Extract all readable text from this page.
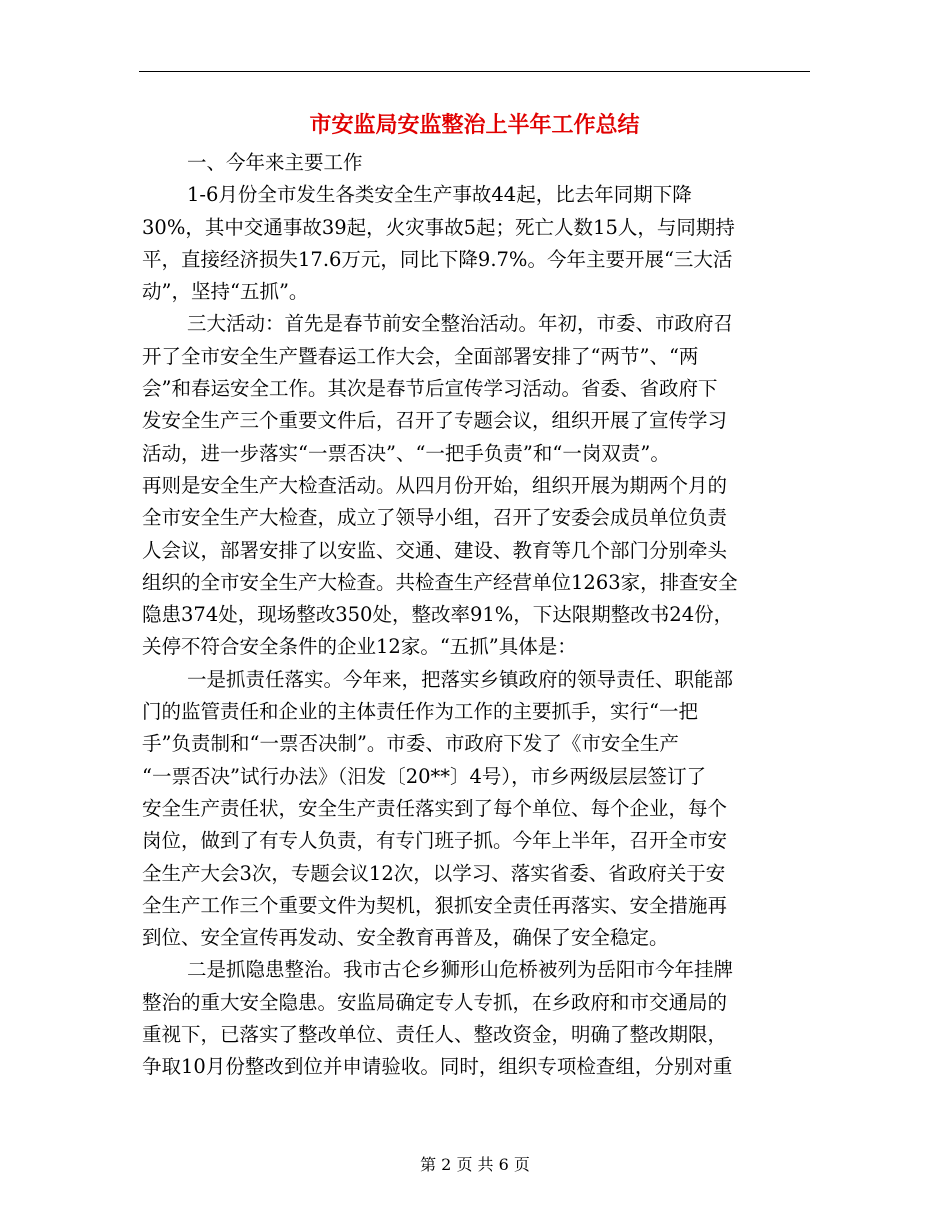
市安监局安监整治上半年工作总结

一、今年来主要工作

1-6月份全市发生各类安全生产事故44起，比去年同期下降
30%，其中交通事故39起，火灾事故5起；死亡人数15人，与同期持
平，直接经济损失17.6万元，同比下降9.7%。今年主要开展“三大活
动”，坚持“五抓”。

三大活动：首先是春节前安全整治活动。年初，市委、市政府召
开了全市安全生产暨春运工作大会，全面部署安排了“两节”、“两
会”和春运安全工作。其次是春节后宣传学习活动。省委、省政府下
发安全生产三个重要文件后，召开了专题会议，组织开展了宣传学习
活动，进一步落实“一票否决”、“一把手负责”和“一岗双责”。
再则是安全生产大检查活动。从四月份开始，组织开展为期两个月的
全市安全生产大检查，成立了领导小组，召开了安委会成员单位负责
人会议，部署安排了以安监、交通、建设、教育等几个部门分别牵头
组织的全市安全生产大检查。共检查生产经营单位1263家，排查安全
隐患374处，现场整改350处，整改率91%，下达限期整改书24份，
关停不符合安全条件的企业12家。“五抓”具体是：

一是抓责任落实。今年来，把落实乡镇政府的领导责任、职能部
门的监管责任和企业的主体责任作为工作的主要抓手，实行“一把
手”负责制和“一票否决制”。市委、市政府下发了《市安全生产
“一票否决”试行办法》（汨发〔20**〕4号），市乡两级层层签订了
安全生产责任状，安全生产责任落实到了每个单位、每个企业，每个
岗位，做到了有专人负责，有专门班子抓。今年上半年，召开全市安
全生产大会3次，专题会议12次，以学习、落实省委、省政府关于安
全生产工作三个重要文件为契机，狠抓安全责任再落实、安全措施再
到位、安全宣传再发动、安全教育再普及，确保了安全稳定。

二是抓隐患整治。我市古仑乡狮形山危桥被列为岳阳市今年挂牌
整治的重大安全隐患。安监局确定专人专抓，在乡政府和市交通局的
重视下，已落实了整改单位、责任人、整改资金，明确了整改期限，
争取10月份整改到位并申请验收。同时，组织专项检查组，分别对重

第 2 页 共 6 页
